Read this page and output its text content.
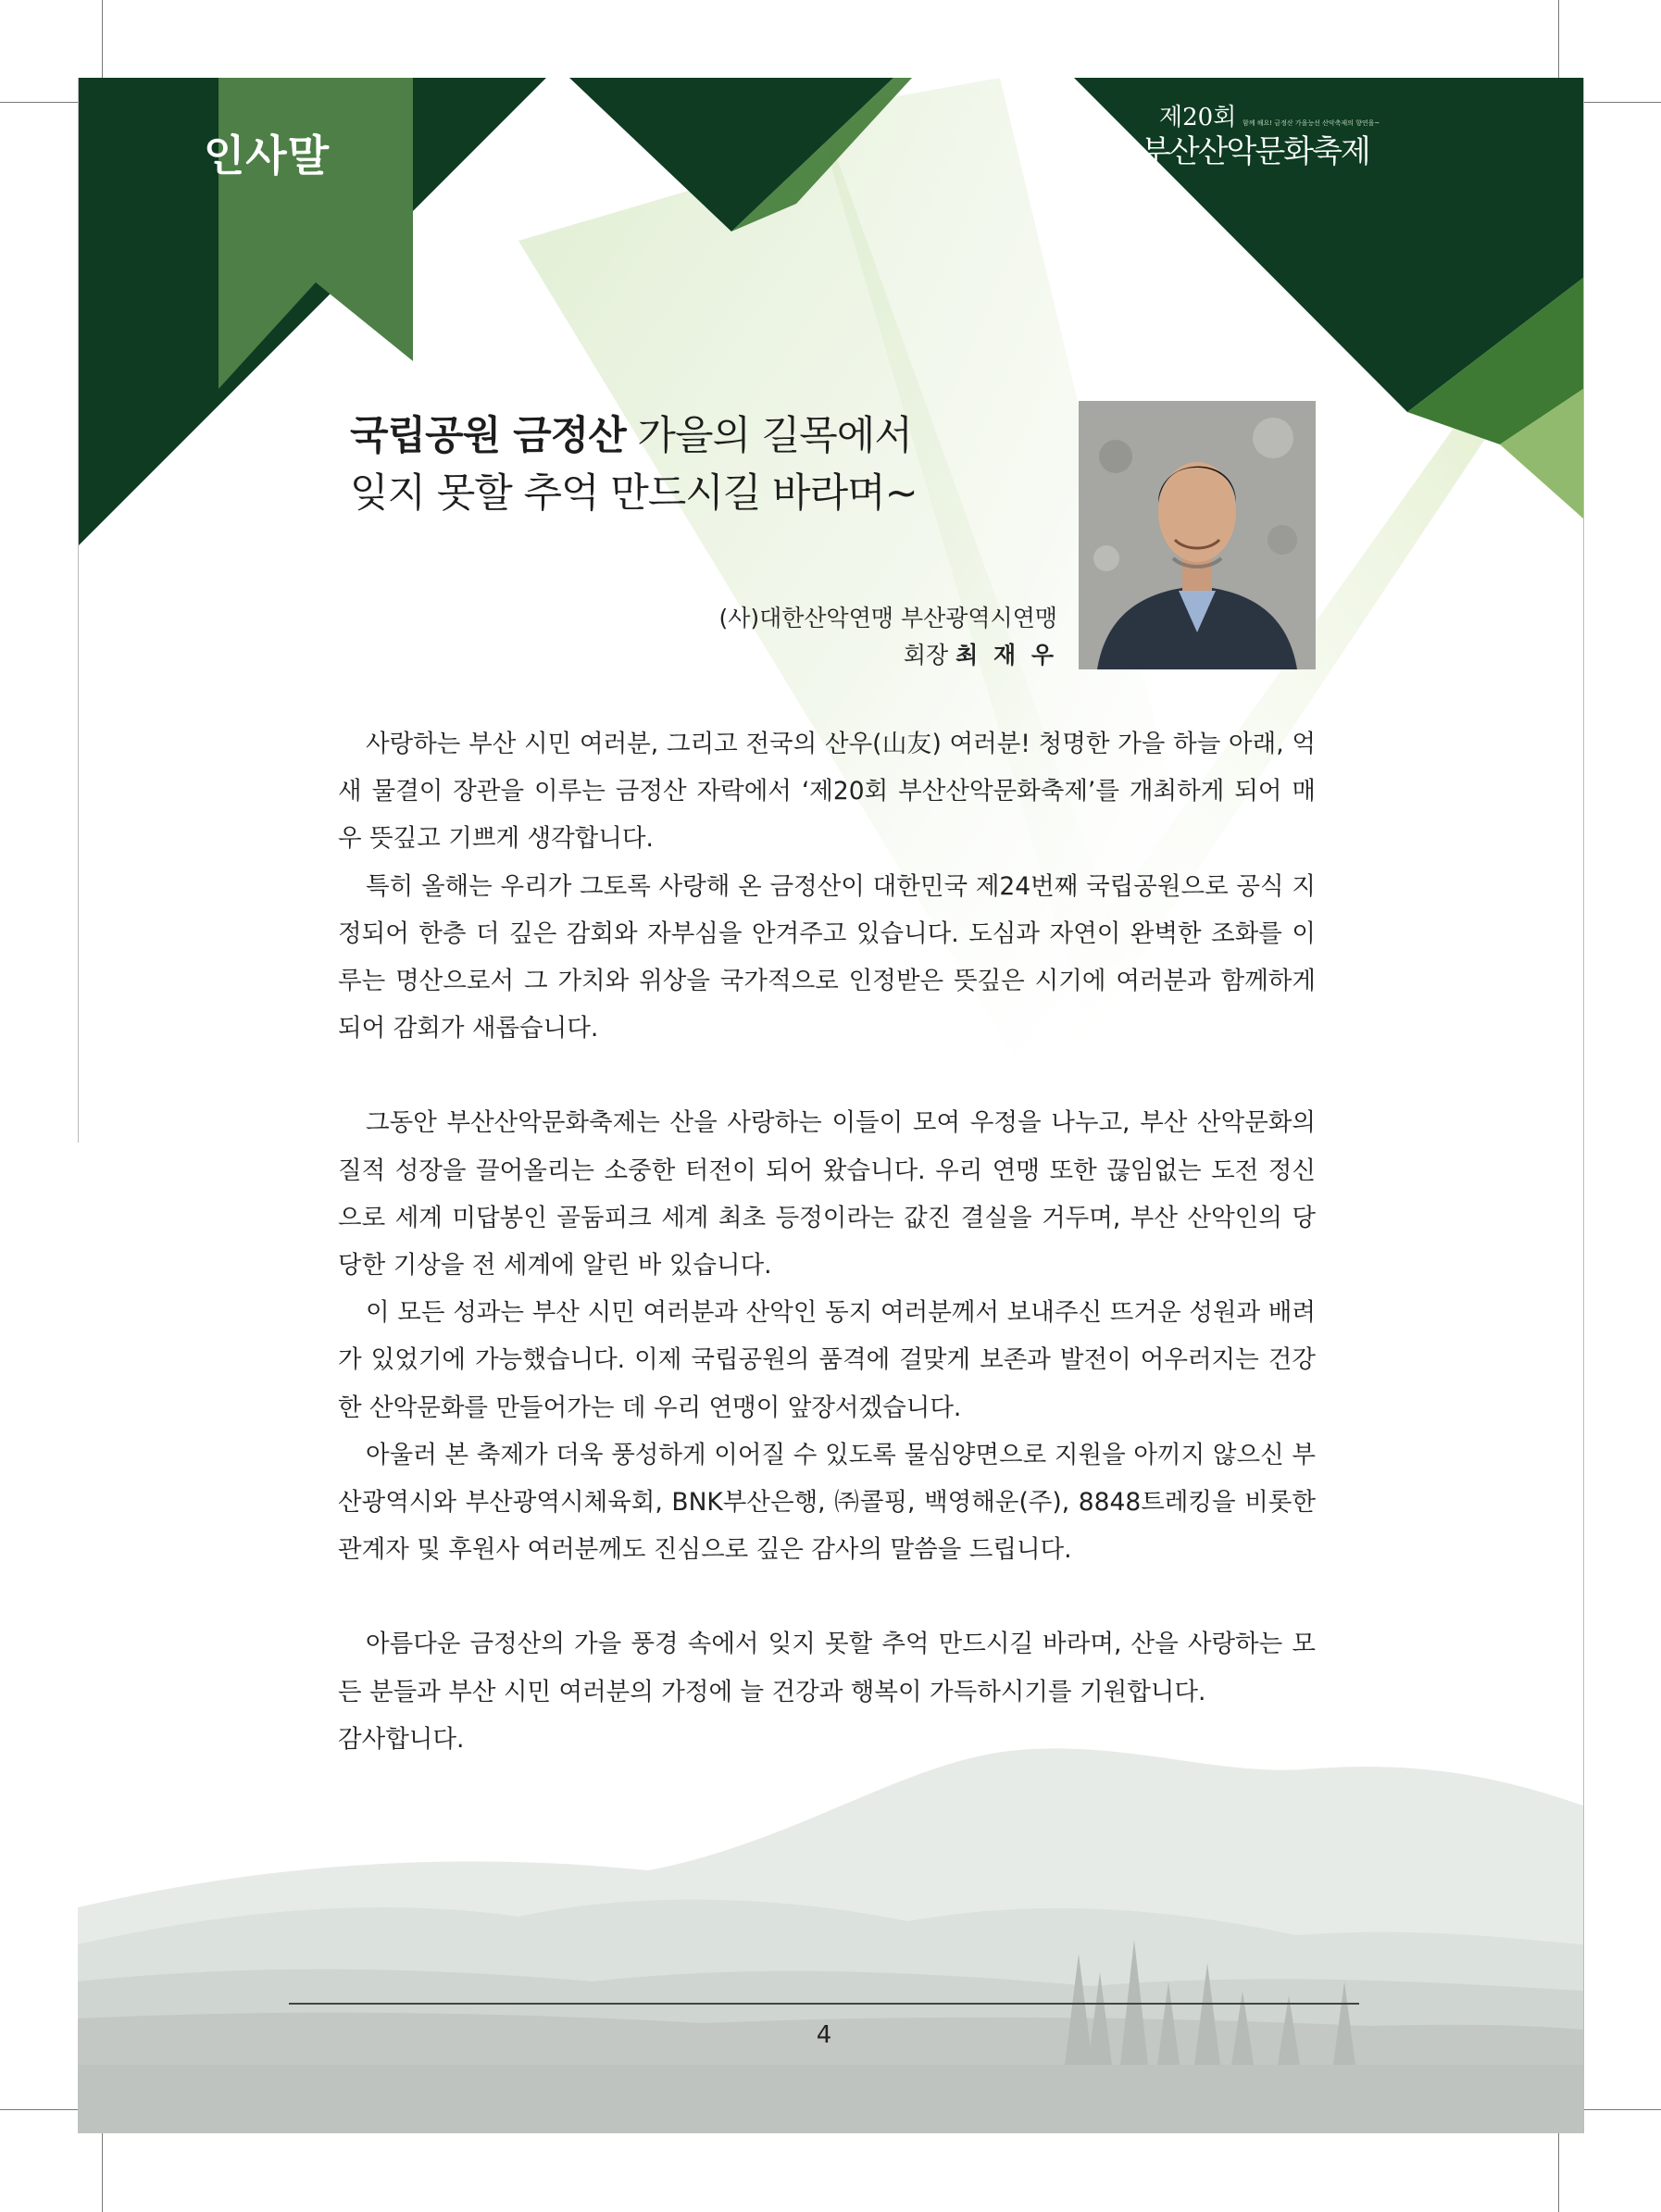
인사말
제20회 함께 해요! 금정산 가을능선 산악축제의 향연을~
부산산악문화축제
국립공원 금정산 가을의 길목에서
잊지 못할 추억 만드시길 바라며~
(사)대한산악연맹 부산광역시연맹
회장 최 재 우

사랑하는 부산 시민 여러분, 그리고 전국의 산우(山友) 여러분! 청명한 가을 하늘 아래, 억새 물결이 장관을 이루는 금정산 자락에서 ‘제20회 부산산악문화축제’를 개최하게 되어 매우 뜻깊고 기쁘게 생각합니다.

특히 올해는 우리가 그토록 사랑해 온 금정산이 대한민국 제24번째 국립공원으로 공식 지정되어 한층 더 깊은 감회와 자부심을 안겨주고 있습니다. 도심과 자연이 완벽한 조화를 이루는 명산으로서 그 가치와 위상을 국가적으로 인정받은 뜻깊은 시기에 여러분과 함께하게 되어 감회가 새롭습니다.

그동안 부산산악문화축제는 산을 사랑하는 이들이 모여 우정을 나누고, 부산 산악문화의 질적 성장을 끌어올리는 소중한 터전이 되어 왔습니다. 우리 연맹 또한 끊임없는 도전 정신으로 세계 미답봉인 골둠피크 세계 최초 등정이라는 값진 결실을 거두며, 부산 산악인의 당당한 기상을 전 세계에 알린 바 있습니다.

이 모든 성과는 부산 시민 여러분과 산악인 동지 여러분께서 보내주신 뜨거운 성원과 배려가 있었기에 가능했습니다. 이제 국립공원의 품격에 걸맞게 보존과 발전이 어우러지는 건강한 산악문화를 만들어가는 데 우리 연맹이 앞장서겠습니다.

아울러 본 축제가 더욱 풍성하게 이어질 수 있도록 물심양면으로 지원을 아끼지 않으신 부산광역시와 부산광역시체육회, BNK부산은행, ㈜콜핑, 백영해운(주), 8848트레킹을 비롯한 관계자 및 후원사 여러분께도 진심으로 깊은 감사의 말씀을 드립니다.

아름다운 금정산의 가을 풍경 속에서 잊지 못할 추억 만드시길 바라며, 산을 사랑하는 모든 분들과 부산 시민 여러분의 가정에 늘 건강과 행복이 가득하시기를 기원합니다.

감사합니다.

4
